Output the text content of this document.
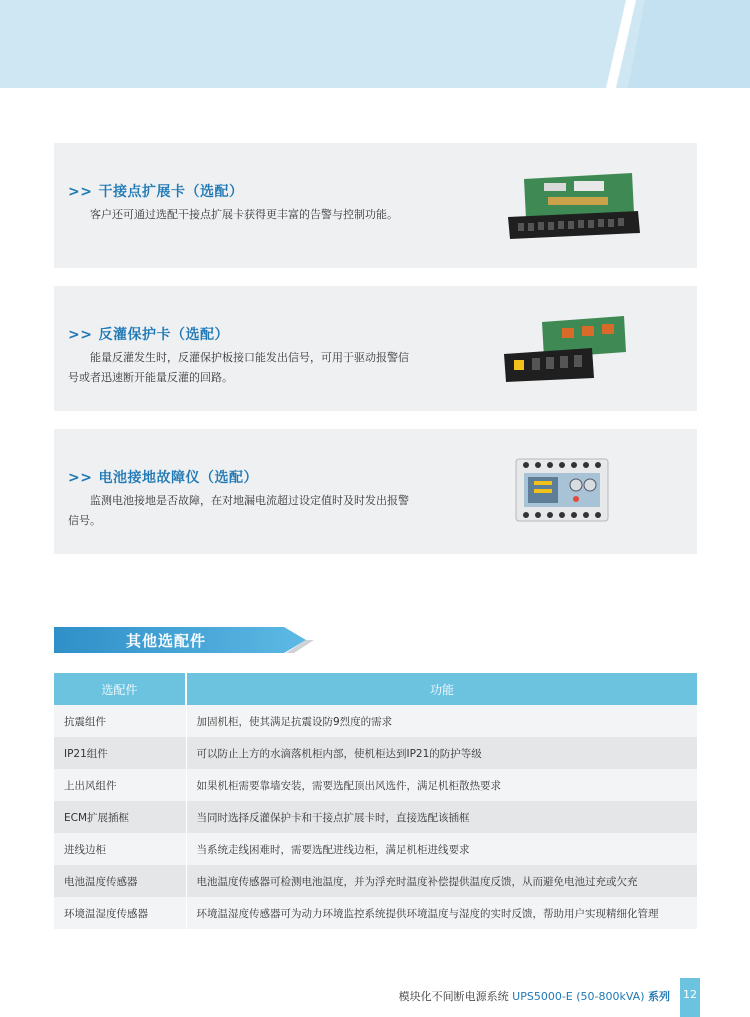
>> 干接点扩展卡（选配）
客户还可通过选配干接点扩展卡获得更丰富的告警与控制功能。
>> 反灌保护卡（选配）
能量反灌发生时，反灌保护板接口能发出信号，可用于驱动报警信号或者迅速断开能量反灌的回路。
>> 电池接地故障仪（选配）
监测电池接地是否故障，在对地漏电流超过设定值时及时发出报警信号。
其他选配件
选配件	功能
抗震组件	加固机柜，使其满足抗震设防9烈度的需求
IP21组件	可以防止上方的水滴落机柜内部，使机柜达到IP21的防护等级
上出风组件	如果机柜需要靠墙安装，需要选配顶出风选件，满足机柜散热要求
ECM扩展插框	当同时选择反灌保护卡和干接点扩展卡时，直接选配该插框
进线边柜	当系统走线困难时，需要选配进线边柜，满足机柜进线要求
电池温度传感器	电池温度传感器可检测电池温度，并为浮充时温度补偿提供温度反馈，从而避免电池过充或欠充
环境温湿度传感器	环境温湿度传感器可为动力环境监控系统提供环境温度与湿度的实时反馈，帮助用户实现精细化管理
模块化不间断电源系统 UPS5000-E (50-800kVA) 系列 12
